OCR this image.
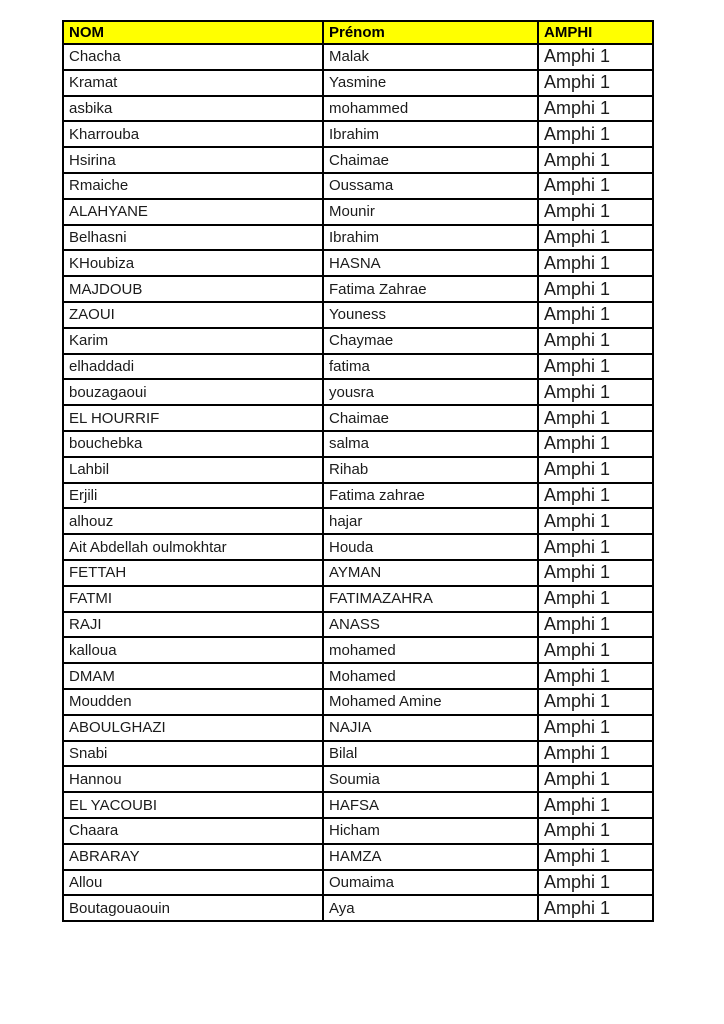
NOM	Prénom	AMPHI
Chacha	Malak	Amphi 1
Kramat	Yasmine	Amphi 1
asbika	mohammed	Amphi 1
Kharrouba	Ibrahim	Amphi 1
Hsirina	Chaimae	Amphi 1
Rmaiche	Oussama	Amphi 1
ALAHYANE	Mounir	Amphi 1
Belhasni	Ibrahim	Amphi 1
KHoubiza	HASNA	Amphi 1
MAJDOUB	Fatima Zahrae	Amphi 1
ZAOUI	Youness	Amphi 1
Karim	Chaymae	Amphi 1
elhaddadi	fatima	Amphi 1
bouzagaoui	yousra	Amphi 1
EL HOURRIF	Chaimae	Amphi 1
bouchebka	salma	Amphi 1
Lahbil	Rihab	Amphi 1
Erjili	Fatima zahrae	Amphi 1
alhouz	hajar	Amphi 1
Ait Abdellah oulmokhtar	Houda	Amphi 1
FETTAH	AYMAN	Amphi 1
FATMI	FATIMAZAHRA	Amphi 1
RAJI	ANASS	Amphi 1
kalloua	mohamed	Amphi 1
DMAM	Mohamed	Amphi 1
Moudden	Mohamed Amine	Amphi 1
ABOULGHAZI	NAJIA	Amphi 1
Snabi	Bilal	Amphi 1
Hannou	Soumia	Amphi 1
EL YACOUBI	HAFSA	Amphi 1
Chaara	Hicham	Amphi 1
ABRARAY	HAMZA	Amphi 1
Allou	Oumaima	Amphi 1
Boutagouaouin	Aya	Amphi 1
